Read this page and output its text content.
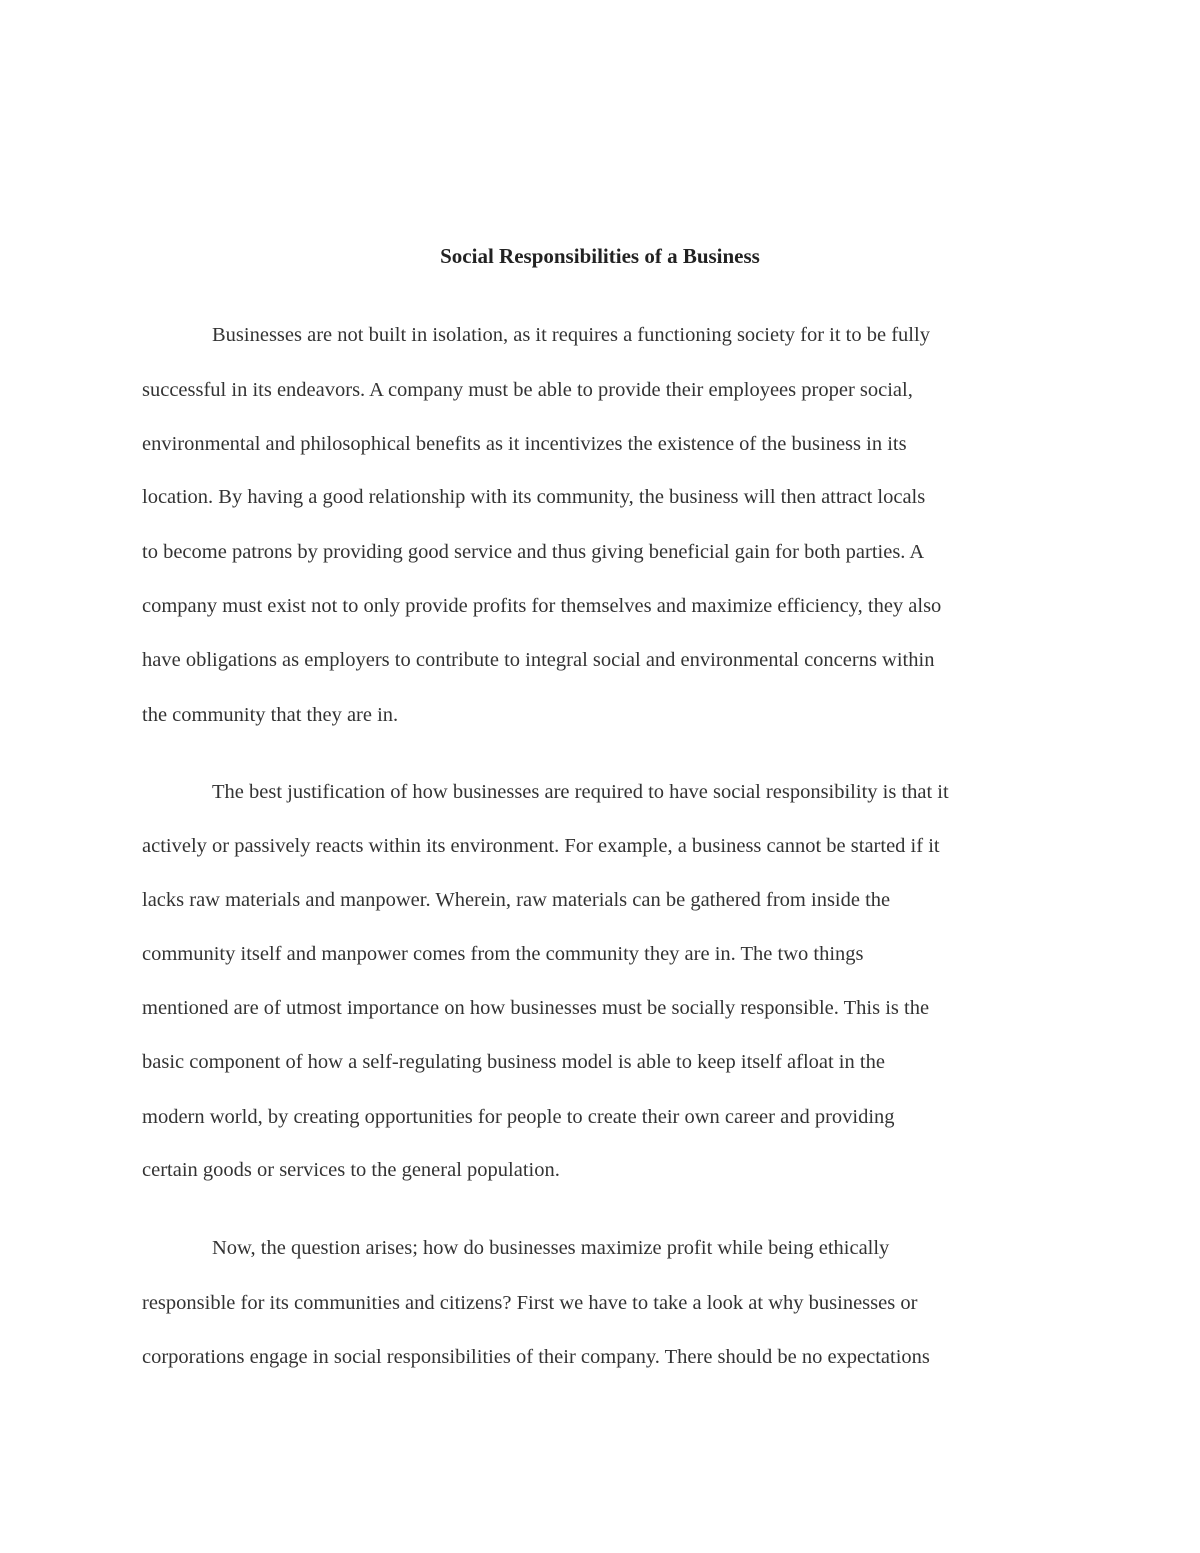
Social Responsibilities of a Business
Businesses are not built in isolation, as it requires a functioning society for it to be fully
successful in its endeavors. A company must be able to provide their employees proper social,
environmental and philosophical benefits as it incentivizes the existence of the business in its
location. By having a good relationship with its community, the business will then attract locals
to become patrons by providing good service and thus giving beneficial gain for both parties. A
company must exist not to only provide profits for themselves and maximize efficiency, they also
have obligations as employers to contribute to integral social and environmental concerns within
the community that they are in.
The best justification of how businesses are required to have social responsibility is that it
actively or passively reacts within its environment. For example, a business cannot be started if it
lacks raw materials and manpower. Wherein, raw materials can be gathered from inside the
community itself and manpower comes from the community they are in. The two things
mentioned are of utmost importance on how businesses must be socially responsible. This is the
basic component of how a self-regulating business model is able to keep itself afloat in the
modern world, by creating opportunities for people to create their own career and providing
certain goods or services to the general population.
Now, the question arises; how do businesses maximize profit while being ethically
responsible for its communities and citizens? First we have to take a look at why businesses or
corporations engage in social responsibilities of their company. There should be no expectations
